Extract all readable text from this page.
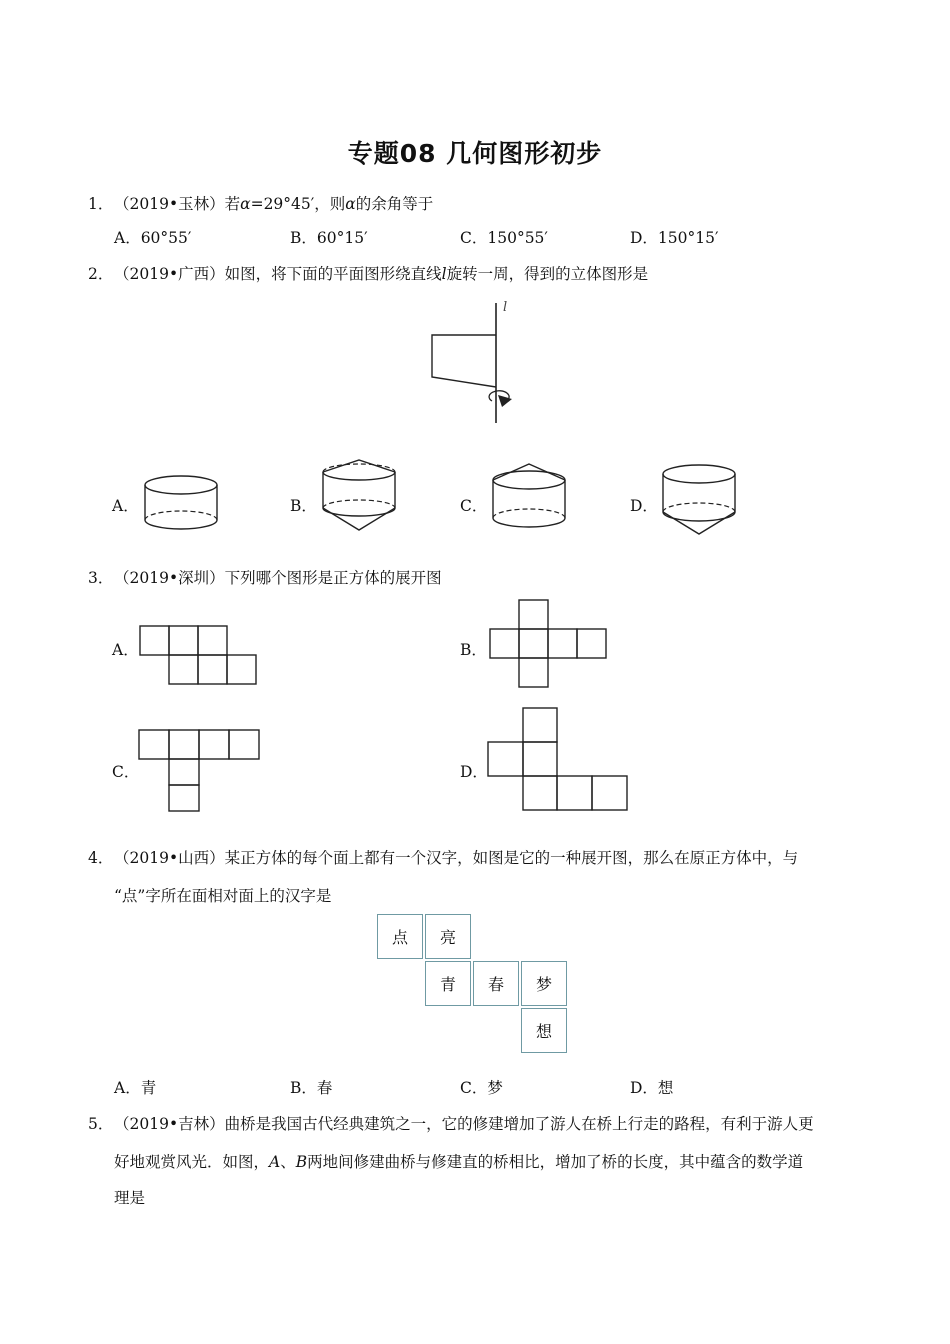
专题08 几何图形初步
1．（2019•玉林）若α=29°45′，则α的余角等于
A．60°55′	B．60°15′	C．150°55′	D．150°15′
2．（2019•广西）如图，将下面的平面图形绕直线l旋转一周，得到的立体图形是
l
A．	B．	C．	D．
3．（2019•深圳）下列哪个图形是正方体的展开图
A．	B．
C．	D．
4．（2019•山西）某正方体的每个面上都有一个汉字，如图是它的一种展开图，那么在原正方体中，与
“点”字所在面相对面上的汉字是
点	亮
青	春	梦
想
A．青	B．春	C．梦	D．想
5．（2019•吉林）曲桥是我国古代经典建筑之一，它的修建增加了游人在桥上行走的路程，有利于游人更
好地观赏风光．如图，A、B两地间修建曲桥与修建直的桥相比，增加了桥的长度，其中蕴含的数学道
理是
